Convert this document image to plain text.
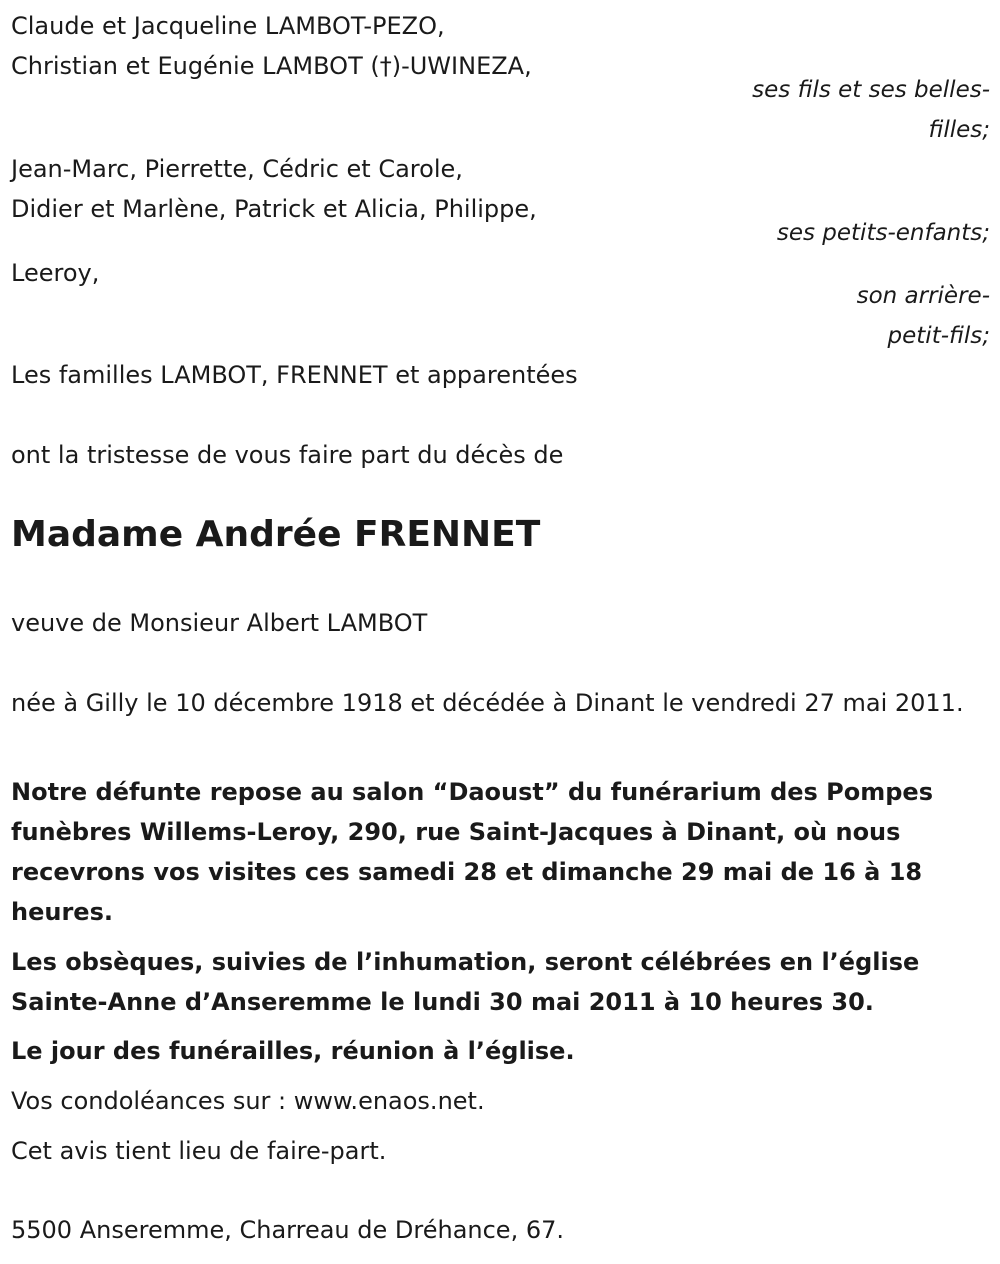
Claude et Jacqueline LAMBOT-PEZO,

Christian et Eugénie LAMBOT (†)-UWINEZA,

ses fils et ses belles-

filles;

Jean-Marc, Pierrette, Cédric et Carole,

Didier et Marlène, Patrick et Alicia, Philippe,

ses petits-enfants;

Leeroy,

son arrière-

petit-fils;

Les familles LAMBOT, FRENNET et apparentées

ont la tristesse de vous faire part du décès de

Madame Andrée FRENNET

veuve de Monsieur Albert LAMBOT

née à Gilly le 10 décembre 1918 et décédée à Dinant le vendredi 27 mai 2011.

Notre défunte repose au salon “Daoust” du funérarium des Pompes funèbres Willems-Leroy, 290, rue Saint-Jacques à Dinant, où nous recevrons vos visites ces samedi 28 et dimanche 29 mai de 16 à 18 heures.

Les obsèques, suivies de l’inhumation, seront célébrées en l’église Sainte-Anne d’Anseremme le lundi 30 mai 2011 à 10 heures 30.

Le jour des funérailles, réunion à l’église.

Vos condoléances sur : www.enaos.net.

Cet avis tient lieu de faire-part.

5500 Anseremme, Charreau de Dréhance, 67.
